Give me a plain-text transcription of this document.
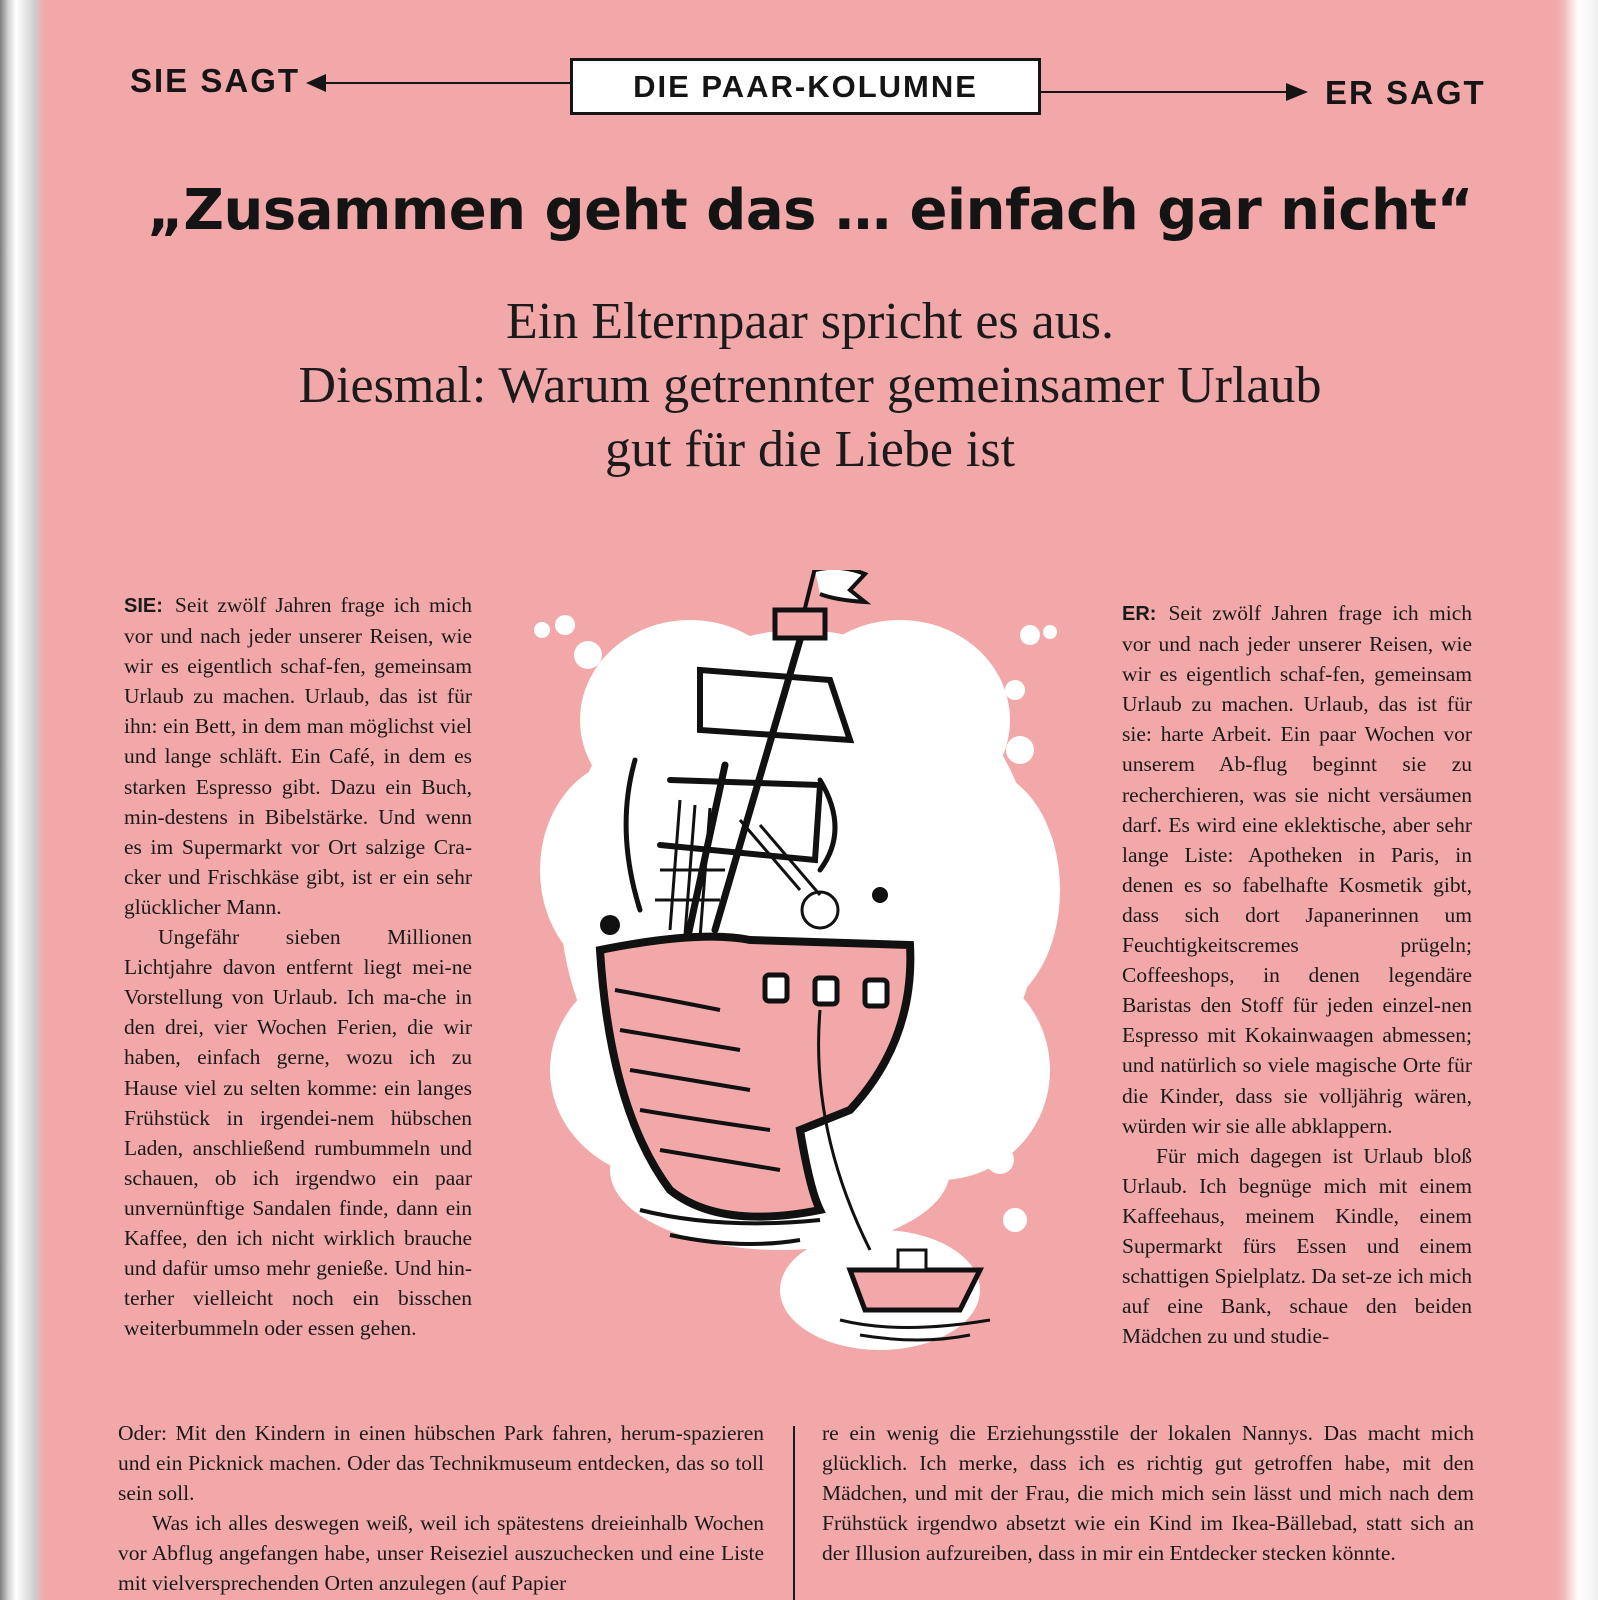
SIE SAGT	DIE PAAR-KOLUMNE	ER SAGT
„Zusammen geht das … einfach gar nicht“
Ein Elternpaar spricht es aus.
Diesmal: Warum getrennter gemeinsamer Urlaub
gut für die Liebe ist

SIE: Seit zwölf Jahren frage ich mich vor und nach jeder unserer Reisen, wie wir es eigentlich schaf-fen, gemeinsam Urlaub zu machen. Urlaub, das ist für ihn: ein Bett, in dem man möglichst viel und lange schläft. Ein Café, in dem es starken Espresso gibt. Dazu ein Buch, min-destens in Bibelstärke. Und wenn es im Supermarkt vor Ort salzige Cra-cker und Frischkäse gibt, ist er ein sehr glücklicher Mann.

Ungefähr sieben Millionen Lichtjahre davon entfernt liegt mei-ne Vorstellung von Urlaub. Ich ma-che in den drei, vier Wochen Ferien, die wir haben, einfach gerne, wozu ich zu Hause viel zu selten komme: ein langes Frühstück in irgendei-nem hübschen Laden, anschließend rumbummeln und schauen, ob ich irgendwo ein paar unvernünftige Sandalen finde, dann ein Kaffee, den ich nicht wirklich brauche und dafür umso mehr genieße. Und hin-terher vielleicht noch ein bisschen weiterbummeln oder essen gehen.

ER: Seit zwölf Jahren frage ich mich vor und nach jeder unserer Reisen, wie wir es eigentlich schaf-fen, gemeinsam Urlaub zu machen. Urlaub, das ist für sie: harte Arbeit. Ein paar Wochen vor unserem Ab-flug beginnt sie zu recherchieren, was sie nicht versäumen darf. Es wird eine eklektische, aber sehr lange Liste: Apotheken in Paris, in denen es so fabelhafte Kosmetik gibt, dass sich dort Japanerinnen um Feuchtigkeitscremes prügeln; Coffeeshops, in denen legendäre Baristas den Stoff für jeden einzel-nen Espresso mit Kokainwaagen abmessen; und natürlich so viele magische Orte für die Kinder, dass sie volljährig wären, würden wir sie alle abklappern.

Für mich dagegen ist Urlaub bloß Urlaub. Ich begnüge mich mit einem Kaffeehaus, meinem Kindle, einem Supermarkt fürs Essen und einem schattigen Spielplatz. Da set-ze ich mich auf eine Bank, schaue den beiden Mädchen zu und studie-

Oder: Mit den Kindern in einen hübschen Park fahren, herum-spazieren und ein Picknick machen. Oder das Technikmuseum entdecken, das so toll sein soll.

Was ich alles deswegen weiß, weil ich spätestens dreieinhalb Wochen vor Abflug angefangen habe, unser Reiseziel auszuchecken und eine Liste mit vielversprechenden Orten anzulegen (auf Papier

re ein wenig die Erziehungsstile der lokalen Nannys. Das macht mich glücklich. Ich merke, dass ich es richtig gut getroffen habe, mit den Mädchen, und mit der Frau, die mich mich sein lässt und mich nach dem Frühstück irgendwo absetzt wie ein Kind im Ikea-Bällebad, statt sich an der Illusion aufzureiben, dass in mir ein Entdecker stecken könnte.
